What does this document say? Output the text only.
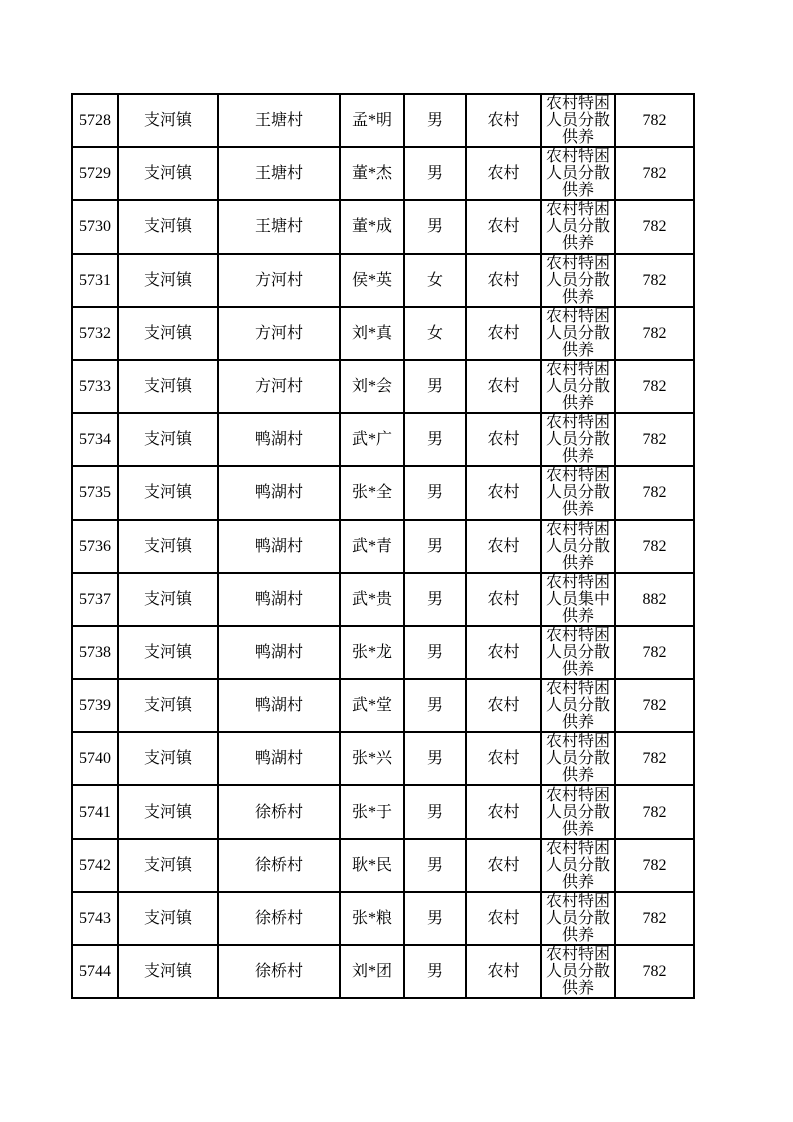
5728	支河镇	王塘村	孟*明	男	农村	农村特困人员分散供养	782
5729	支河镇	王塘村	董*杰	男	农村	农村特困人员分散供养	782
5730	支河镇	王塘村	董*成	男	农村	农村特困人员分散供养	782
5731	支河镇	方河村	侯*英	女	农村	农村特困人员分散供养	782
5732	支河镇	方河村	刘*真	女	农村	农村特困人员分散供养	782
5733	支河镇	方河村	刘*会	男	农村	农村特困人员分散供养	782
5734	支河镇	鸭湖村	武*广	男	农村	农村特困人员分散供养	782
5735	支河镇	鸭湖村	张*全	男	农村	农村特困人员分散供养	782
5736	支河镇	鸭湖村	武*青	男	农村	农村特困人员分散供养	782
5737	支河镇	鸭湖村	武*贵	男	农村	农村特困人员集中供养	882
5738	支河镇	鸭湖村	张*龙	男	农村	农村特困人员分散供养	782
5739	支河镇	鸭湖村	武*堂	男	农村	农村特困人员分散供养	782
5740	支河镇	鸭湖村	张*兴	男	农村	农村特困人员分散供养	782
5741	支河镇	徐桥村	张*于	男	农村	农村特困人员分散供养	782
5742	支河镇	徐桥村	耿*民	男	农村	农村特困人员分散供养	782
5743	支河镇	徐桥村	张*粮	男	农村	农村特困人员分散供养	782
5744	支河镇	徐桥村	刘*团	男	农村	农村特困人员分散供养	782
